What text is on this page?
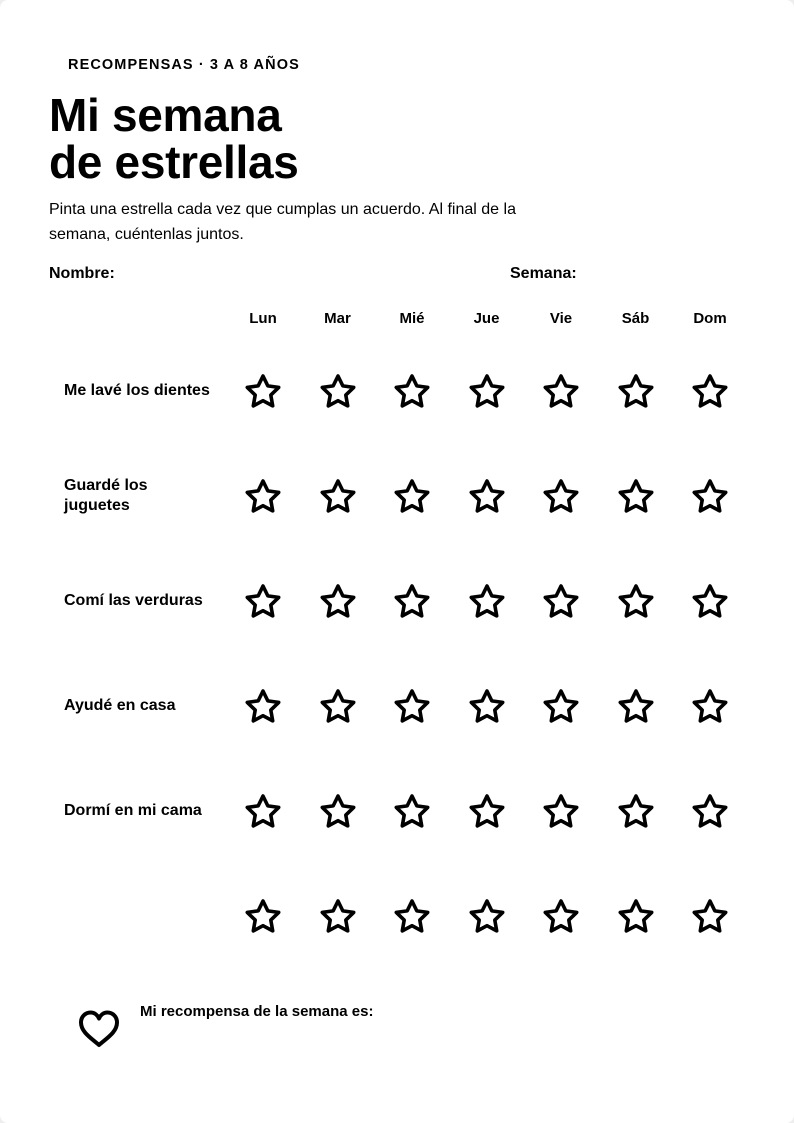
RECOMPENSAS · 3 A 8 AÑOS
Mi semana
de estrellas

Pinta una estrella cada vez que cumplas un acuerdo. Al final de la semana, cuéntenlas juntos.

Nombre:	Semana:
Lun	Mar	Mié	Jue	Vie	Sáb	Dom
Me lavé los dientes
Guardé los juguetes
Comí las verduras
Ayudé en casa
Dormí en mi cama
Mi recompensa de la semana es:
